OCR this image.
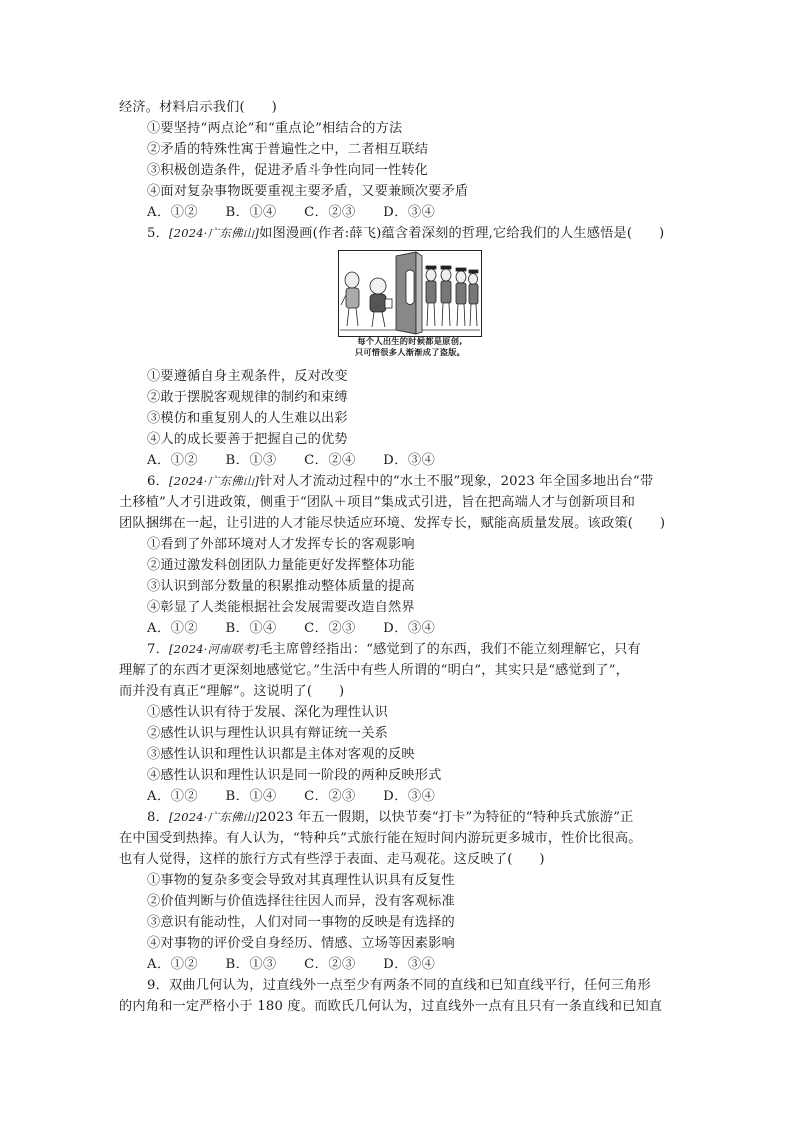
经济。材料启示我们(　　)
①要坚持“两点论”和“重点论”相结合的方法
②矛盾的特殊性寓于普遍性之中，二者相互联结
③积极创造条件，促进矛盾斗争性向同一性转化
④面对复杂事物既要重视主要矛盾，又要兼顾次要矛盾
A．①②　　B．①④　　C．②③　　D．③④
5．[2024·广东佛山]如图漫画(作者:薛飞)蕴含着深刻的哲理,它给我们的人生感悟是(　　)
每个人出生的时候都是原创,
只可惜很多人渐渐成了盗版。
①要遵循自身主观条件，反对改变
②敢于摆脱客观规律的制约和束缚
③模仿和重复别人的人生难以出彩
④人的成长要善于把握自己的优势
A．①②　　B．①③　　C．②④　　D．③④
6．[2024·广东佛山]针对人才流动过程中的“水土不服”现象，2023 年全国多地出台“带
土移植”人才引进政策，侧重于“团队＋项目”集成式引进，旨在把高端人才与创新项目和
团队捆绑在一起，让引进的人才能尽快适应环境、发挥专长，赋能高质量发展。该政策(　　)
①看到了外部环境对人才发挥专长的客观影响
②通过激发科创团队力量能更好发挥整体功能
③认识到部分数量的积累推动整体质量的提高
④彰显了人类能根据社会发展需要改造自然界
A．①②　　B．①④　　C．②③　　D．③④
7．[2024·河南联考]毛主席曾经指出：“感觉到了的东西，我们不能立刻理解它，只有
理解了的东西才更深刻地感觉它。”生活中有些人所谓的“明白”，其实只是“感觉到了”，
而并没有真正“理解”。这说明了(　　)
①感性认识有待于发展、深化为理性认识
②感性认识与理性认识具有辩证统一关系
③感性认识和理性认识都是主体对客观的反映
④感性认识和理性认识是同一阶段的两种反映形式
A．①②　　B．①④　　C．②③　　D．③④
8．[2024·广东佛山]2023 年五一假期，以快节奏“打卡”为特征的“特种兵式旅游”正
在中国受到热捧。有人认为，“特种兵”式旅行能在短时间内游玩更多城市，性价比很高。
也有人觉得，这样的旅行方式有些浮于表面、走马观花。这反映了(　　)
①事物的复杂多变会导致对其真理性认识具有反复性
②价值判断与价值选择往往因人而异，没有客观标准
③意识有能动性，人们对同一事物的反映是有选择的
④对事物的评价受自身经历、情感、立场等因素影响
A．①②　　B．①③　　C．②③　　D．③④
9．双曲几何认为，过直线外一点至少有两条不同的直线和已知直线平行，任何三角形
的内角和一定严格小于 180 度。而欧氏几何认为，过直线外一点有且只有一条直线和已知直
